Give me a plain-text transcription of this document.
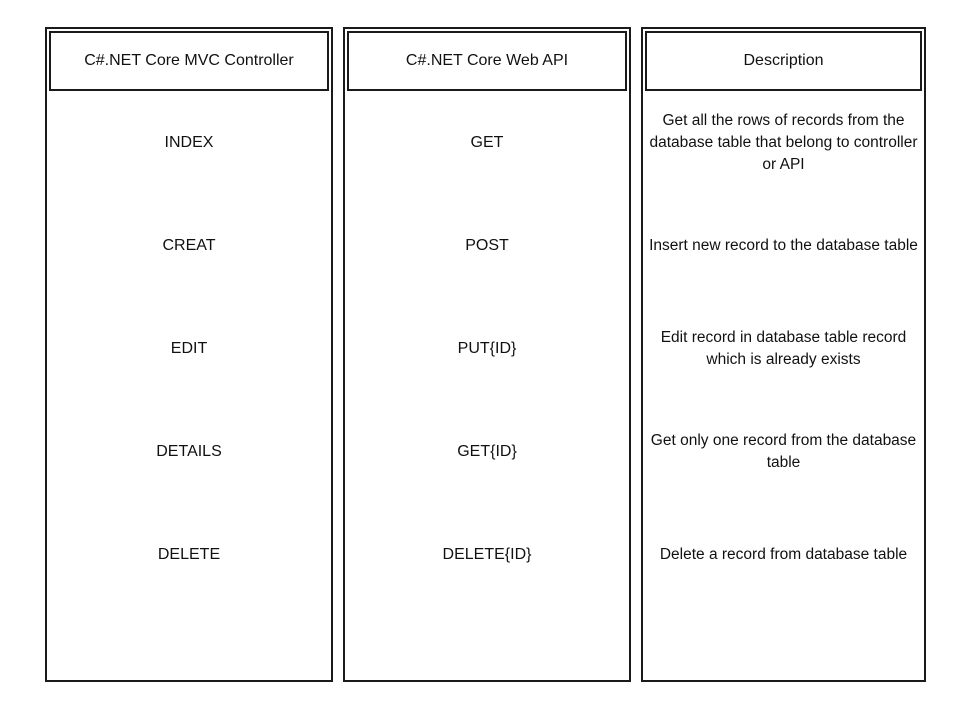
C#.NET Core MVC Controller
INDEX
CREAT
EDIT
DETAILS
DELETE
C#.NET Core Web API
GET
POST
PUT{ID}
GET{ID}
DELETE{ID}
Description
Get all the rows of records from the database table that belong to controller or API
Insert new record to the database table
Edit record in database table record which is already exists
Get only one record from the database table
Delete a record from database table
